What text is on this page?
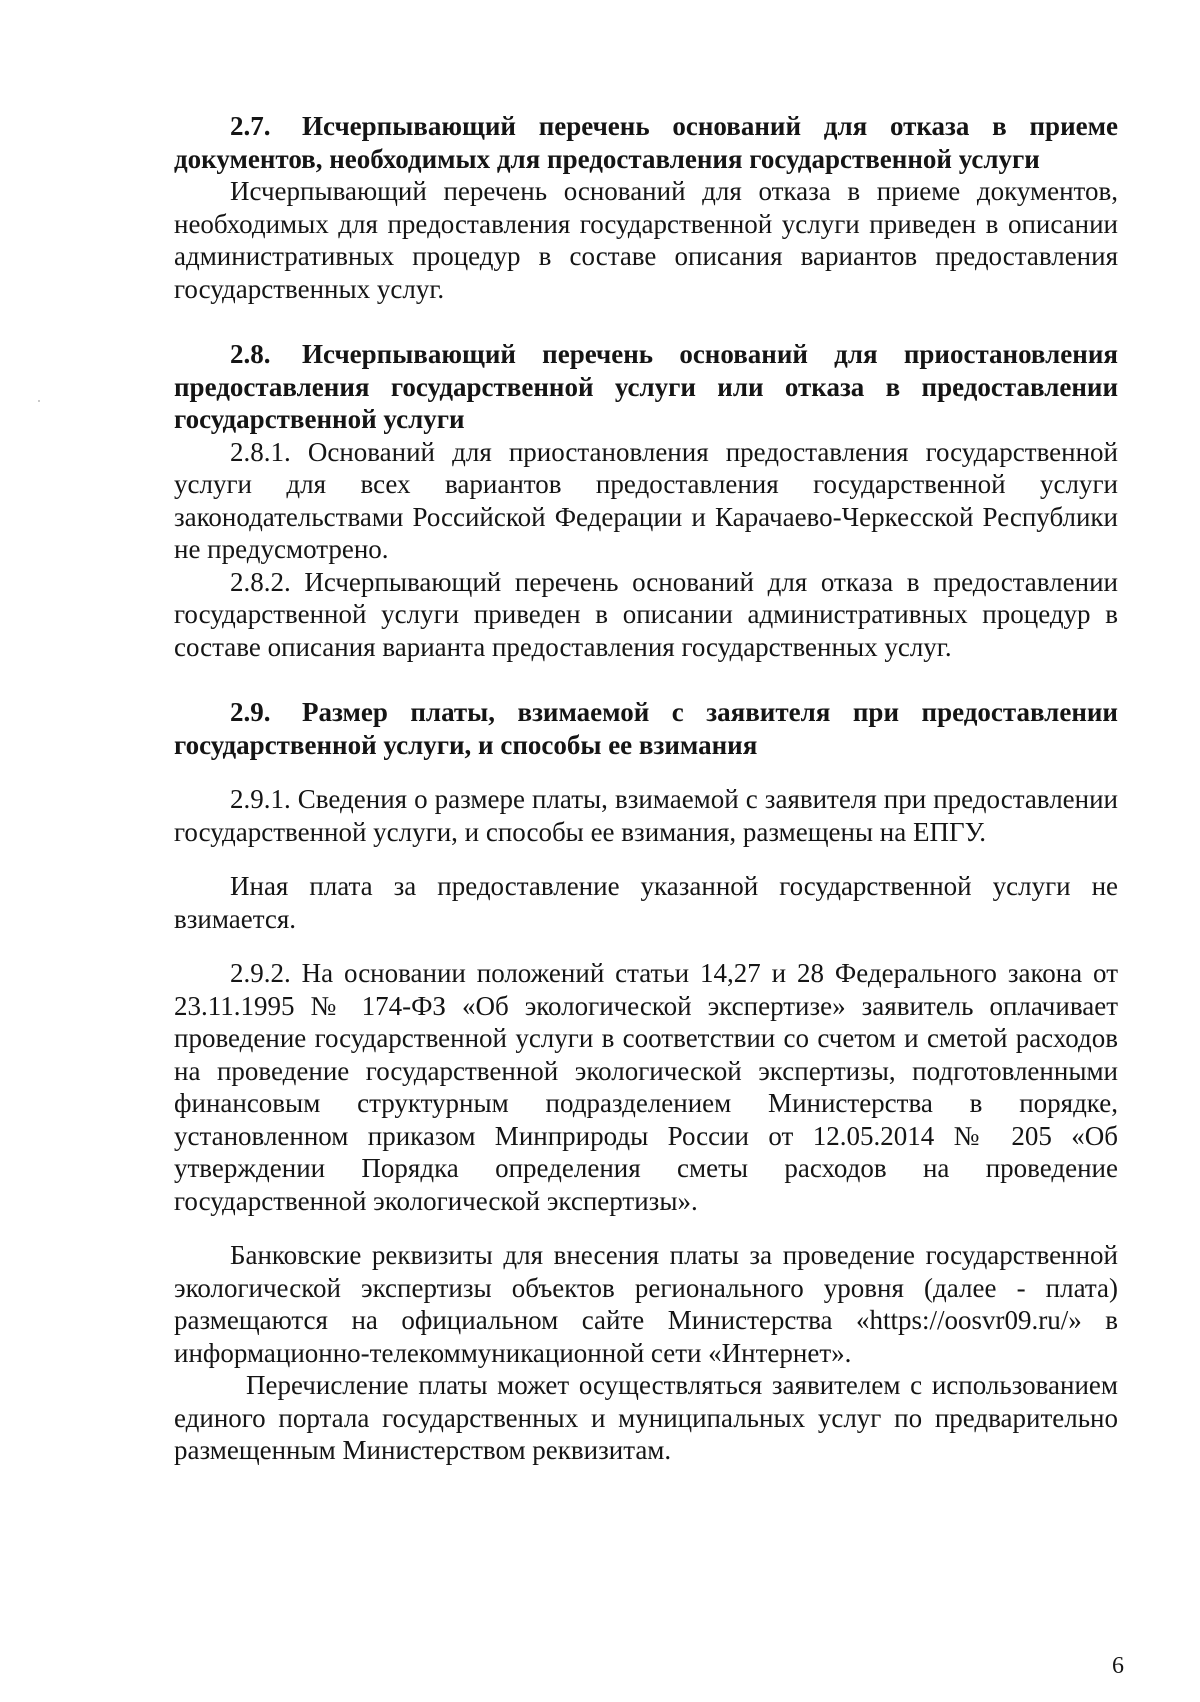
2.7. Исчерпывающий перечень оснований для отказа в приеме документов, необходимых для предоставления государственной услуги

Исчерпывающий перечень оснований для отказа в приеме документов, необходимых для предоставления государственной услуги приведен в описании административных процедур в составе описания вариантов предоставления государственных услуг.

2.8. Исчерпывающий перечень оснований для приостановления предоставления государственной услуги или отказа в предоставлении государственной услуги

2.8.1. Оснований для приостановления предоставления государственной услуги для всех вариантов предоставления государственной услуги законодательствами Российской Федерации и Карачаево-Черкесской Республики не предусмотрено.

2.8.2. Исчерпывающий перечень оснований для отказа в предоставлении государственной услуги приведен в описании административных процедур в составе описания варианта предоставления государственных услуг.

2.9. Размер платы, взимаемой с заявителя при предоставлении государственной услуги, и способы ее взимания

2.9.1. Сведения о размере платы, взимаемой с заявителя при предоставлении государственной услуги, и способы ее взимания, размещены на ЕПГУ.

Иная плата за предоставление указанной государственной услуги не взимается.

2.9.2. На основании положений статьи 14,27 и 28 Федерального закона от 23.11.1995 № 174-ФЗ «Об экологической экспертизе» заявитель оплачивает проведение государственной услуги в соответствии со счетом и сметой расходов на проведение государственной экологической экспертизы, подготовленными финансовым структурным подразделением Министерства в порядке, установленном приказом Минприроды России от 12.05.2014 № 205 «Об утверждении Порядка определения сметы расходов на проведение государственной экологической экспертизы».

Банковские реквизиты для внесения платы за проведение государственной экологической экспертизы объектов регионального уровня (далее - плата) размещаются на официальном сайте Министерства «https://oosvr09.ru/» в информационно-телекоммуникационной сети «Интернет».

Перечисление платы может осуществляться заявителем с использованием единого портала государственных и муниципальных услуг по предварительно размещенным Министерством реквизитам.

6
